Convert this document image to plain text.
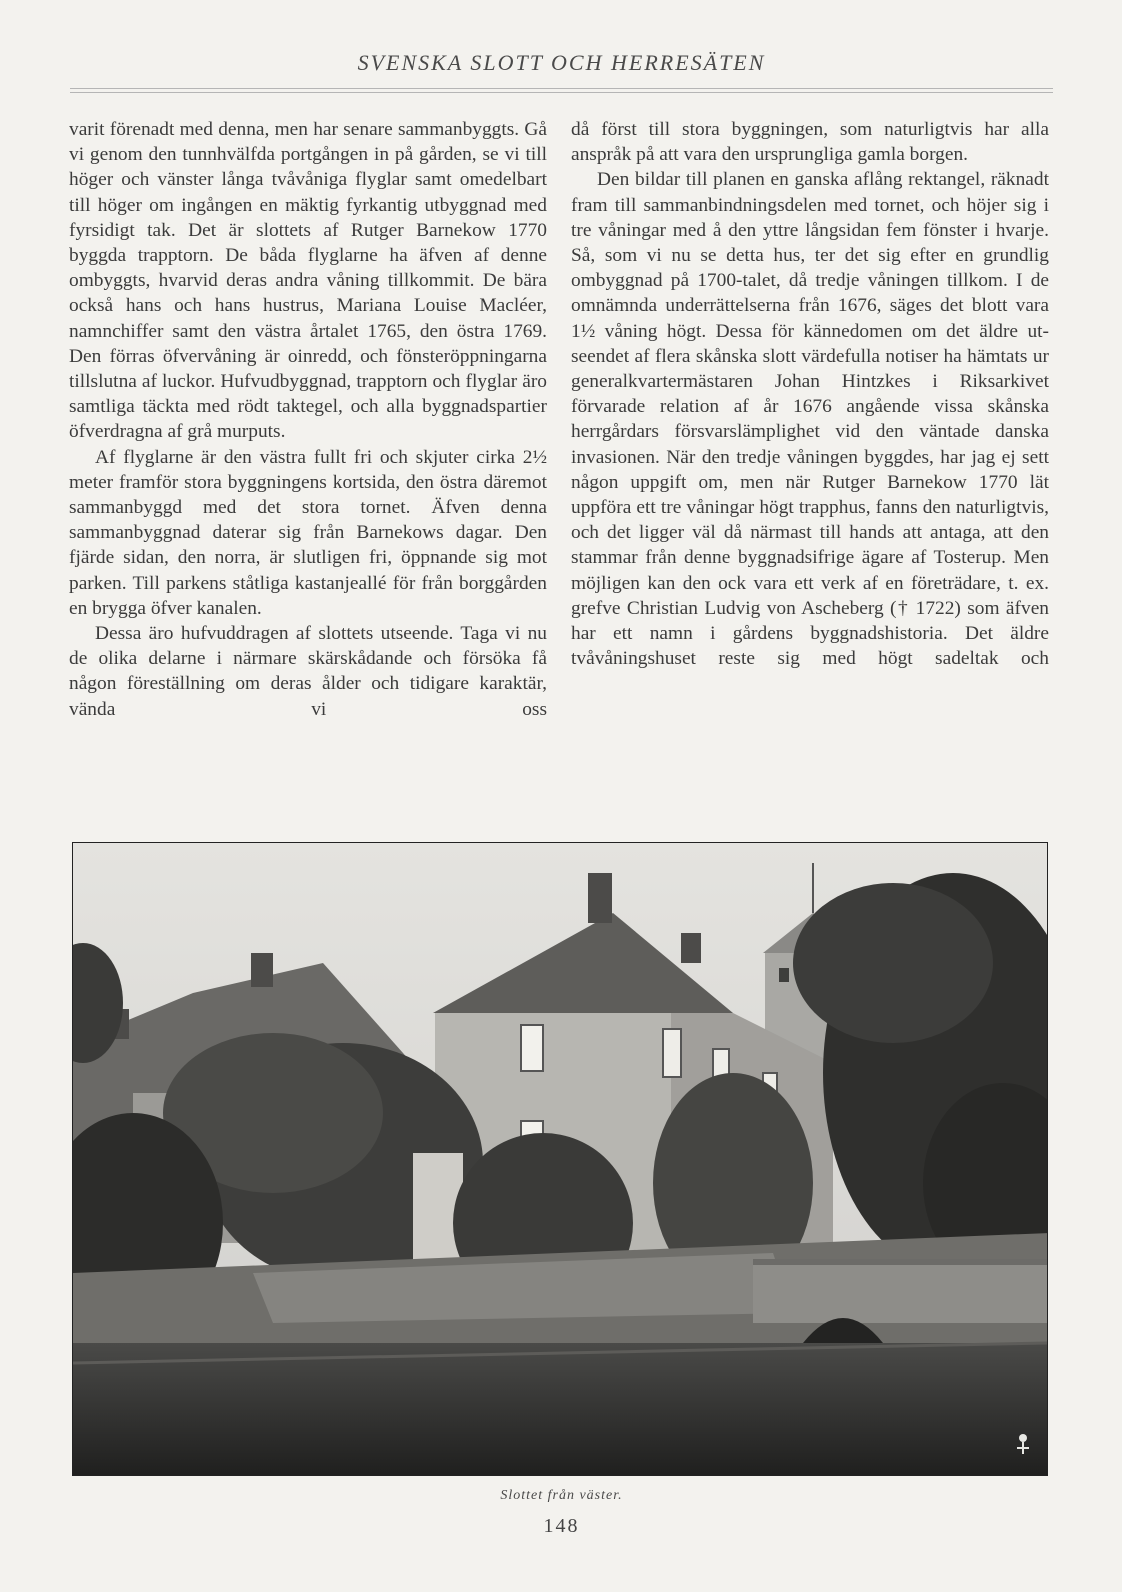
SVENSKA SLOTT OCH HERRESÄTEN

varit förenadt med denna, men har senare sammanbyggts. Gå vi genom den tunnhvälfda portgången in på gården, se vi till höger och vänster långa tvåvåniga flyglar samt omedelbart till höger om ingången en mäktig fyrkantig utbyggnad med fyrsidigt tak. Det är slottets af Rutger Barnekow 1770 byggda trapptorn. De båda flyglarne ha äfven af denne ombyggts, hvarvid deras andra våning tillkommit. De bära också hans och hans hustrus, Mariana Louise Macléer, namnchiffer samt den västra årtalet 1765, den östra 1769. Den förras öfvervåning är oinredd, och fönsteröppningarna tillslutna af luckor. Hufvudbyggnad, trapptorn och flyglar äro samtliga täckta med rödt taktegel, och alla byggnadspartier öfverdragna af grå murputs.

Af flyglarne är den västra fullt fri och skjuter cirka 2½ meter framför stora byggningens kortsida, den östra däremot sammanbyggd med det stora tornet. Äfven denna sammanbyggnad daterar sig från Barnekows dagar. Den fjärde sidan, den norra, är slutligen fri, öppnande sig mot parken. Till parkens ståtliga kastanjeallé för från borggården en brygga öfver kanalen.

Dessa äro hufvuddragen af slottets utseende. Taga vi nu de olika delarne i närmare skärskådande och försöka få någon föreställning om deras ålder och tidigare karaktär, vända vi oss

då först till stora byggningen, som naturligtvis har alla anspråk på att vara den ursprungliga gamla borgen.

Den bildar till planen en ganska aflång rektangel, räknadt fram till sammanbindningsdelen med tornet, och höjer sig i tre våningar med å den yttre långsidan fem fönster i hvarje. Så, som vi nu se detta hus, ter det sig efter en grundlig ombyggnad på 1700-talet, då tredje våningen tillkom. I de omnämnda underrättelserna från 1676, säges det blott vara 1½ våning högt. Dessa för kännedomen om det äldre utseendet af flera skånska slott värdefulla notiser ha hämtats ur generalkvartermästaren Johan Hintzkes i Riksarkivet förvarade relation af år 1676 angående vissa skånska herrgårdars försvarslämplighet vid den väntade danska invasionen. När den tredje våningen byggdes, har jag ej sett någon uppgift om, men när Rutger Barnekow 1770 lät uppföra ett tre våningar högt trapphus, fanns den naturligtvis, och det ligger väl då närmast till hands att antaga, att den stammar från denne byggnadsifrige ägare af Tosterup. Men möjligen kan den ock vara ett verk af en företrädare, t. ex. grefve Christian Ludvig von Ascheberg († 1722) som äfven har ett namn i gårdens byggnadshistoria. Det äldre tvåvåningshuset reste sig med högt sadeltak och

Slottet från väster.
148
